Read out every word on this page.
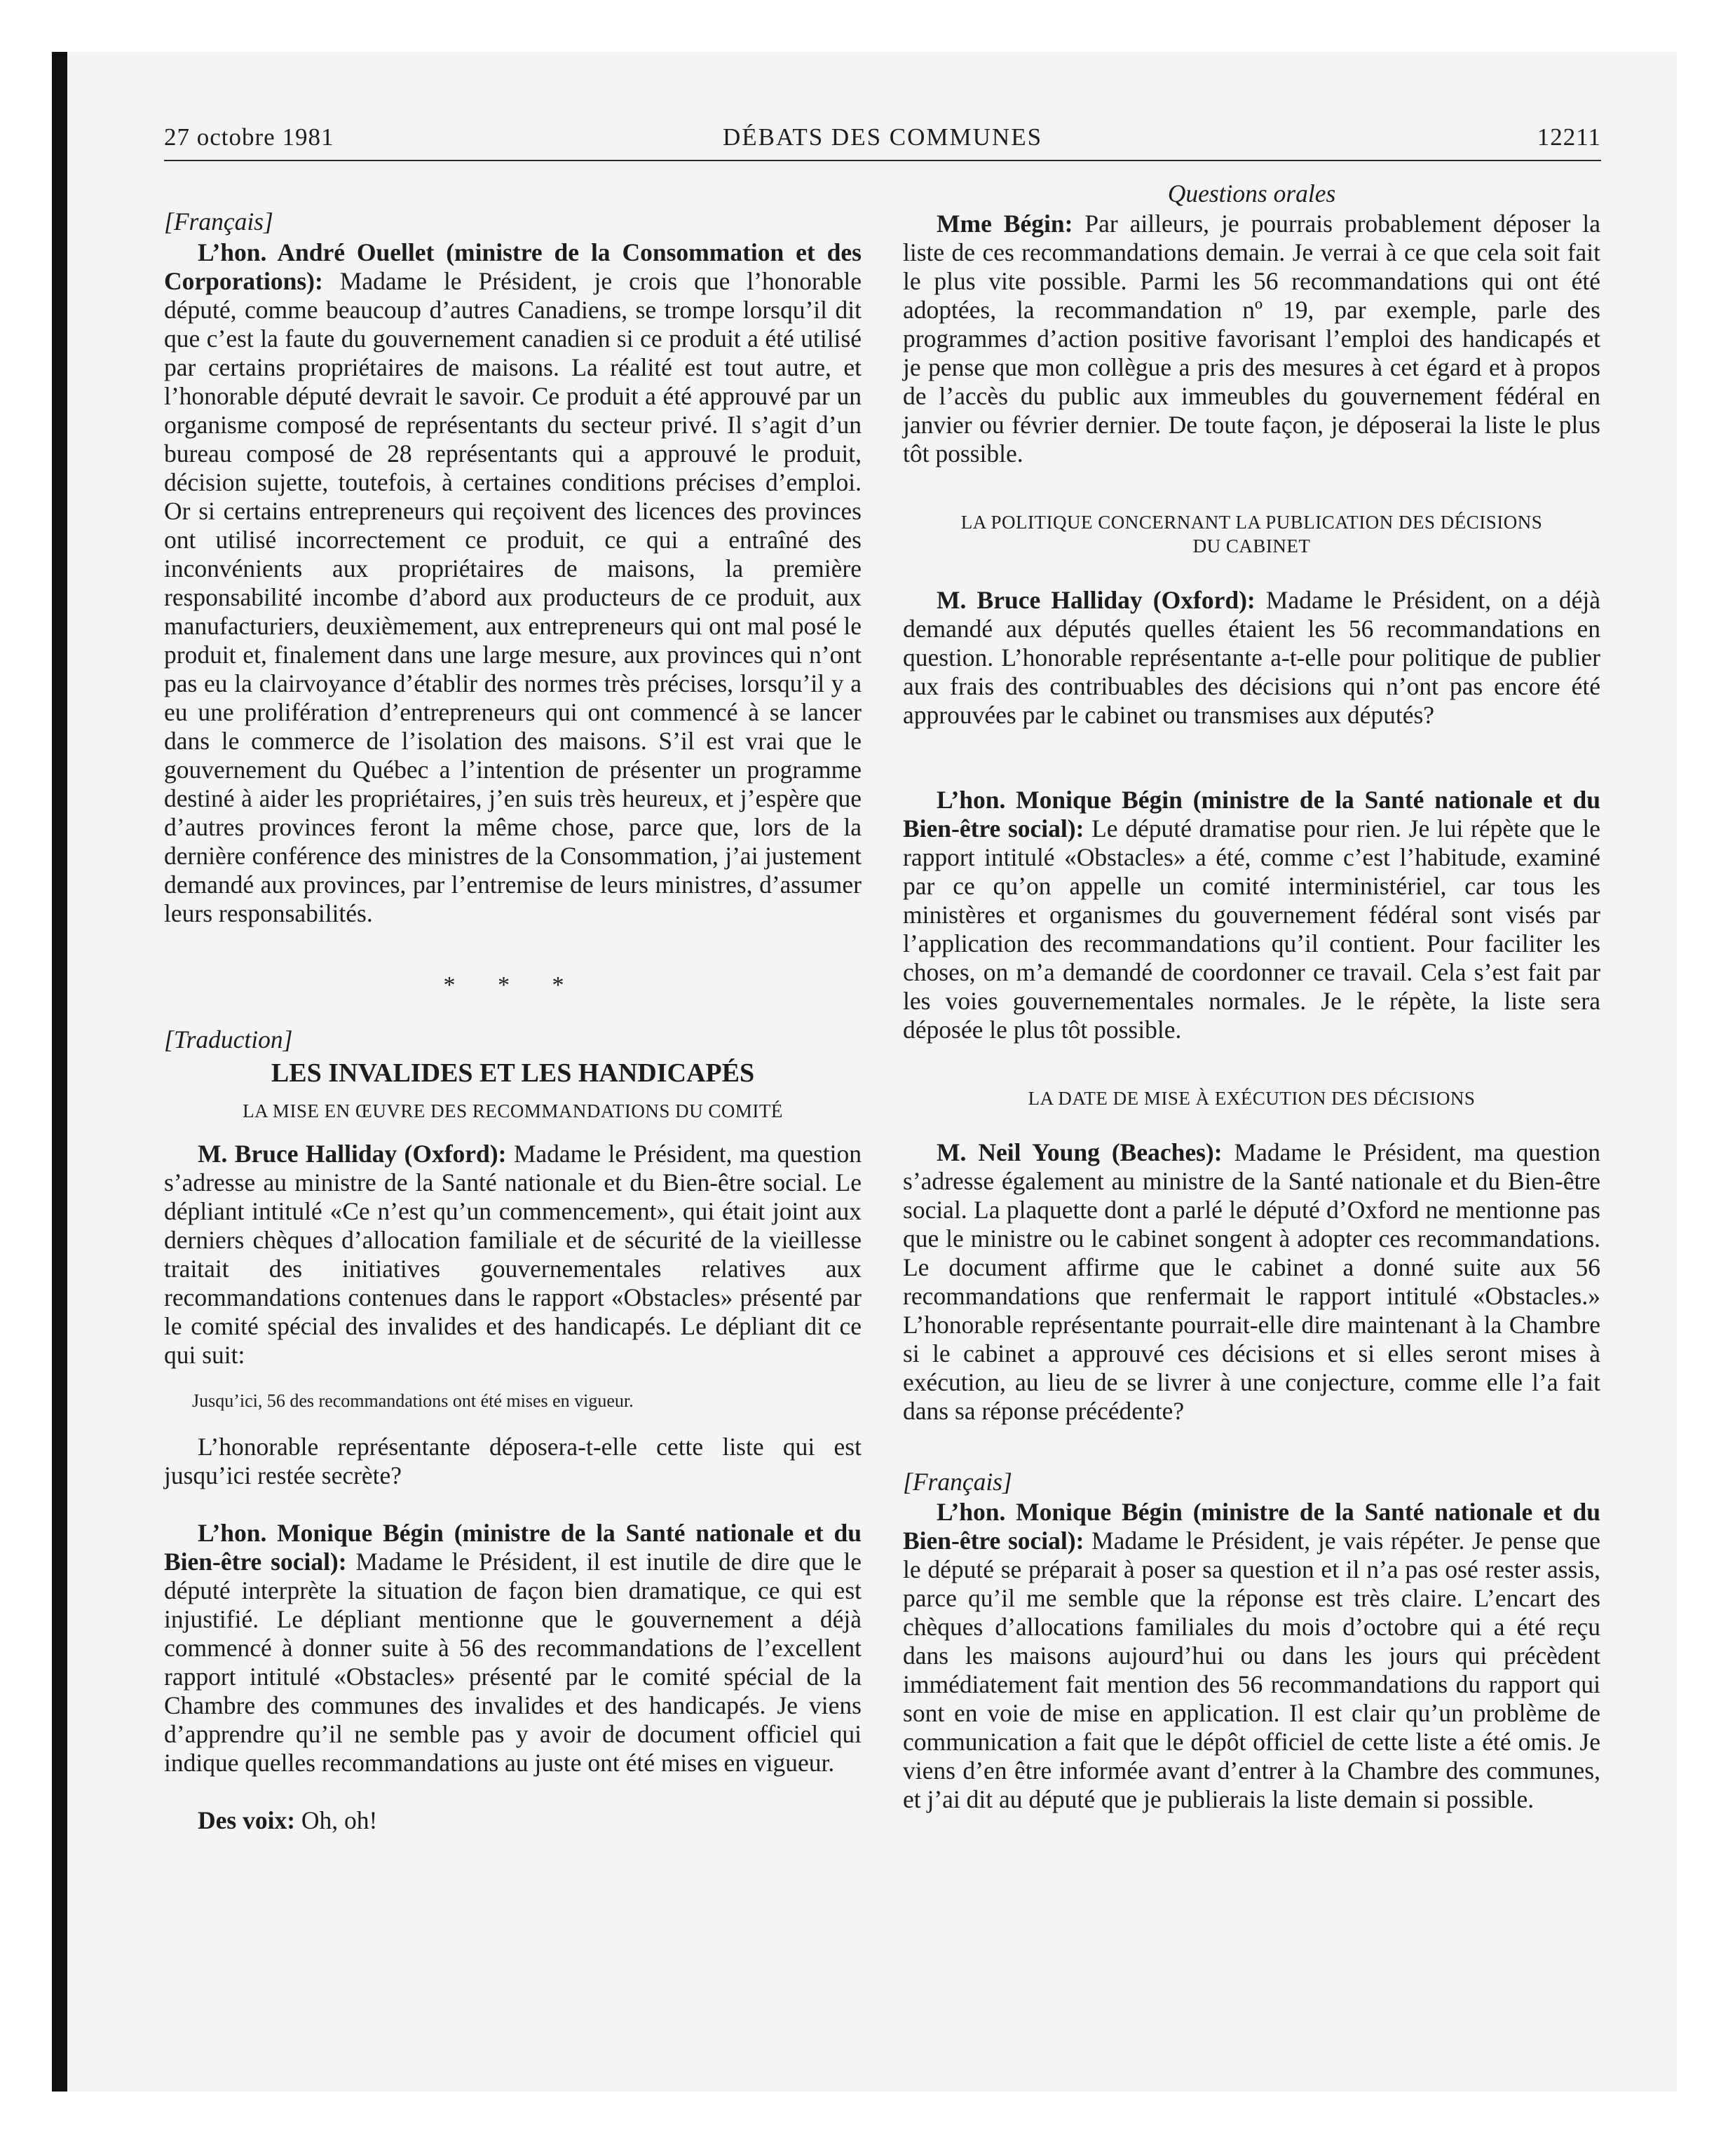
27 octobre 1981	DÉBATS DES COMMUNES	12211

[Français]

L’hon. André Ouellet (ministre de la Consommation et des Corporations): Madame le Président, je crois que l’honorable député, comme beaucoup d’autres Canadiens, se trompe lorsqu’il dit que c’est la faute du gouvernement canadien si ce produit a été utilisé par certains propriétaires de maisons. La réalité est tout autre, et l’honorable député devrait le savoir. Ce produit a été approuvé par un organisme composé de représentants du secteur privé. Il s’agit d’un bureau composé de 28 représentants qui a approuvé le produit, décision sujette, toutefois, à certaines conditions précises d’emploi. Or si certains entrepreneurs qui reçoivent des licences des provinces ont utilisé incorrectement ce produit, ce qui a entraîné des inconvénients aux propriétaires de maisons, la première responsabilité incombe d’abord aux producteurs de ce produit, aux manufacturiers, deuxièmement, aux entrepreneurs qui ont mal posé le produit et, finalement dans une large mesure, aux provinces qui n’ont pas eu la clairvoyance d’établir des normes très précises, lorsqu’il y a eu une prolifération d’entrepreneurs qui ont commencé à se lancer dans le commerce de l’isolation des maisons. S’il est vrai que le gouvernement du Québec a l’intention de présenter un programme destiné à aider les propriétaires, j’en suis très heureux, et j’espère que d’autres provinces feront la même chose, parce que, lors de la dernière conférence des ministres de la Consommation, j’ai justement demandé aux provinces, par l’entremise de leurs ministres, d’assumer leurs responsabilités.

* * *

[Traduction]

LES INVALIDES ET LES HANDICAPÉS
LA MISE EN ŒUVRE DES RECOMMANDATIONS DU COMITÉ

M. Bruce Halliday (Oxford): Madame le Président, ma question s’adresse au ministre de la Santé nationale et du Bien-être social. Le dépliant intitulé «Ce n’est qu’un commencement», qui était joint aux derniers chèques d’allocation familiale et de sécurité de la vieillesse traitait des initiatives gouvernementales relatives aux recommandations contenues dans le rapport «Obstacles» présenté par le comité spécial des invalides et des handicapés. Le dépliant dit ce qui suit:

Jusqu’ici, 56 des recommandations ont été mises en vigueur.

L’honorable représentante déposera-t-elle cette liste qui est jusqu’ici restée secrète?

L’hon. Monique Bégin (ministre de la Santé nationale et du Bien-être social): Madame le Président, il est inutile de dire que le député interprète la situation de façon bien dramatique, ce qui est injustifié. Le dépliant mentionne que le gouvernement a déjà commencé à donner suite à 56 des recommandations de l’excellent rapport intitulé «Obstacles» présenté par le comité spécial de la Chambre des communes des invalides et des handicapés. Je viens d’apprendre qu’il ne semble pas y avoir de document officiel qui indique quelles recommandations au juste ont été mises en vigueur.

Des voix: Oh, oh!

Questions orales

Mme Bégin: Par ailleurs, je pourrais probablement déposer la liste de ces recommandations demain. Je verrai à ce que cela soit fait le plus vite possible. Parmi les 56 recommandations qui ont été adoptées, la recommandation nº 19, par exemple, parle des programmes d’action positive favorisant l’emploi des handicapés et je pense que mon collègue a pris des mesures à cet égard et à propos de l’accès du public aux immeubles du gouvernement fédéral en janvier ou février dernier. De toute façon, je déposerai la liste le plus tôt possible.

LA POLITIQUE CONCERNANT LA PUBLICATION DES DÉCISIONS
DU CABINET

M. Bruce Halliday (Oxford): Madame le Président, on a déjà demandé aux députés quelles étaient les 56 recommandations en question. L’honorable représentante a-t-elle pour politique de publier aux frais des contribuables des décisions qui n’ont pas encore été approuvées par le cabinet ou transmises aux députés?

L’hon. Monique Bégin (ministre de la Santé nationale et du Bien-être social): Le député dramatise pour rien. Je lui répète que le rapport intitulé «Obstacles» a été, comme c’est l’habitude, examiné par ce qu’on appelle un comité interministériel, car tous les ministères et organismes du gouvernement fédéral sont visés par l’application des recommandations qu’il contient. Pour faciliter les choses, on m’a demandé de coordonner ce travail. Cela s’est fait par les voies gouvernementales normales. Je le répète, la liste sera déposée le plus tôt possible.

LA DATE DE MISE À EXÉCUTION DES DÉCISIONS

M. Neil Young (Beaches): Madame le Président, ma question s’adresse également au ministre de la Santé nationale et du Bien-être social. La plaquette dont a parlé le député d’Oxford ne mentionne pas que le ministre ou le cabinet songent à adopter ces recommandations. Le document affirme que le cabinet a donné suite aux 56 recommandations que renfermait le rapport intitulé «Obstacles.» L’honorable représentante pourrait-elle dire maintenant à la Chambre si le cabinet a approuvé ces décisions et si elles seront mises à exécution, au lieu de se livrer à une conjecture, comme elle l’a fait dans sa réponse précédente?

[Français]

L’hon. Monique Bégin (ministre de la Santé nationale et du Bien-être social): Madame le Président, je vais répéter. Je pense que le député se préparait à poser sa question et il n’a pas osé rester assis, parce qu’il me semble que la réponse est très claire. L’encart des chèques d’allocations familiales du mois d’octobre qui a été reçu dans les maisons aujourd’hui ou dans les jours qui précèdent immédiatement fait mention des 56 recommandations du rapport qui sont en voie de mise en application. Il est clair qu’un problème de communication a fait que le dépôt officiel de cette liste a été omis. Je viens d’en être informée avant d’entrer à la Chambre des communes, et j’ai dit au député que je publierais la liste demain si possible.
